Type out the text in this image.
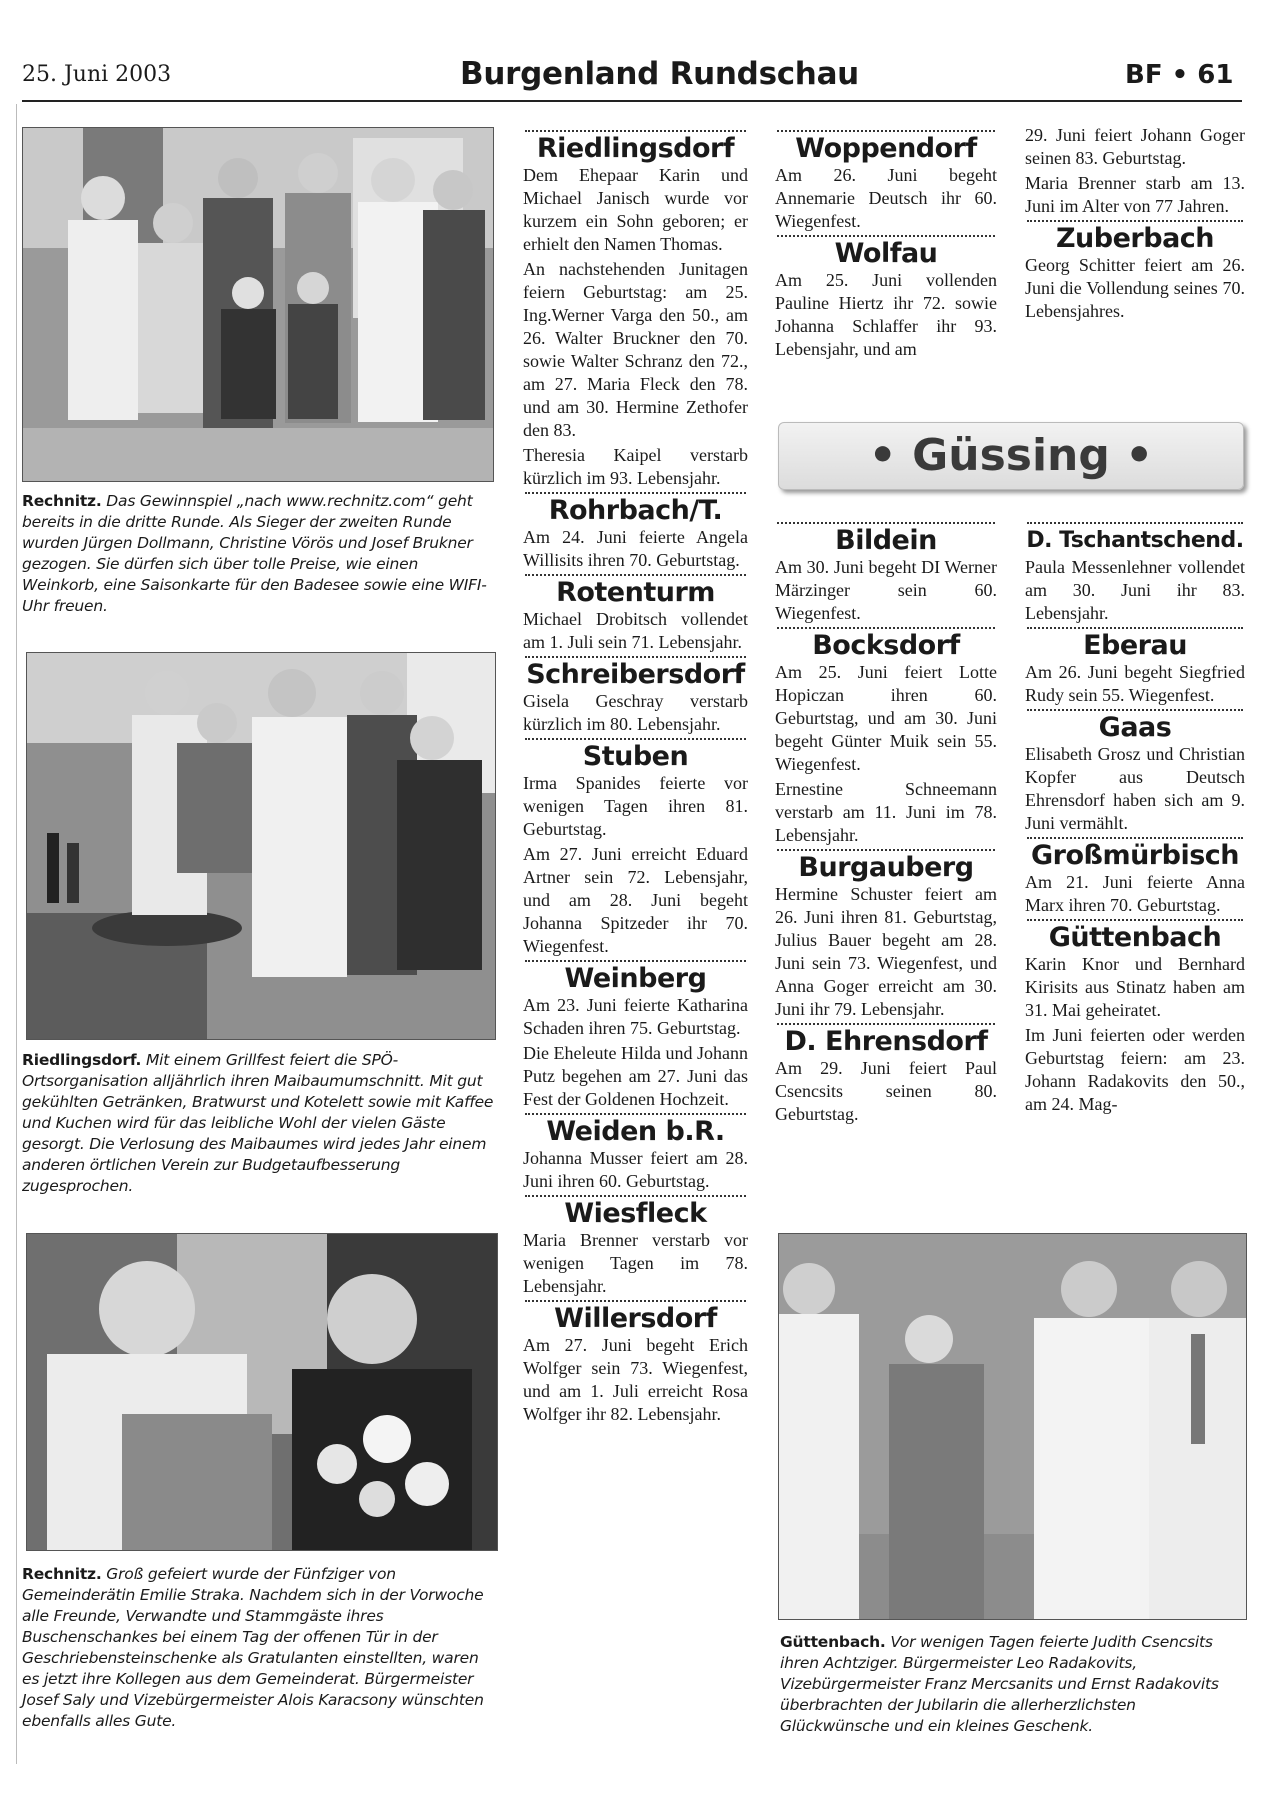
25. Juni 2003	Burgenland Rundschau	BF • 61
Rechnitz. Das Gewinnspiel „nach www.rechnitz.com“ geht bereits in die dritte Runde. Als Sieger der zweiten Runde wurden Jürgen Dollmann, Christine Vörös und Josef Brukner gezogen. Sie dürfen sich über tolle Preise, wie einen Weinkorb, eine Saisonkarte für den Badesee sowie eine WIFI-Uhr freuen.
Riedlingsdorf. Mit einem Grillfest feiert die SPÖ-Ortsorganisation alljährlich ihren Maibaumumschnitt. Mit gut gekühlten Getränken, Bratwurst und Kotelett sowie mit Kaffee und Kuchen wird für das leibliche Wohl der vielen Gäste gesorgt. Die Verlosung des Maibaumes wird jedes Jahr einem anderen örtlichen Verein zur Budgetaufbesserung zugesprochen.
Rechnitz. Groß gefeiert wurde der Fünfziger von Gemeinderätin Emilie Straka. Nachdem sich in der Vorwoche alle Freunde, Verwandte und Stammgäste ihres Buschenschankes bei einem Tag der offenen Tür in der Geschriebensteinschenke als Gratulanten einstellten, waren es jetzt ihre Kollegen aus dem Gemeinderat. Bürgermeister Josef Saly und Vizebürgermeister Alois Karacsony wünschten ebenfalls alles Gute.
Güttenbach. Vor wenigen Tagen feierte Judith Csencsits ihren Achtziger. Bürgermeister Leo Radakovits, Vizebürgermeister Franz Mercsanits und Ernst Radakovits überbrachten der Jubilarin die allerherzlichsten Glückwünsche und ein kleines Geschenk.
Riedlingsdorf

Dem Ehepaar Karin und Michael Janisch wurde vor kurzem ein Sohn geboren; er erhielt den Namen Thomas.

An nachstehenden Junitagen feiern Geburtstag: am 25. Ing.Werner Varga den 50., am 26. Walter Bruckner den 70. sowie Walter Schranz den 72., am 27. Maria Fleck den 78. und am 30. Hermine Zethofer den 83.

Theresia Kaipel verstarb kürzlich im 93. Lebensjahr.

Rohrbach/T.

Am 24. Juni feierte Angela Willisits ihren 70. Geburtstag.

Rotenturm

Michael Drobitsch vollendet am 1. Juli sein 71. Lebensjahr.

Schreibersdorf

Gisela Geschray verstarb kürzlich im 80. Lebensjahr.

Stuben

Irma Spanides feierte vor wenigen Tagen ihren 81. Geburtstag.

Am 27. Juni erreicht Eduard Artner sein 72. Lebensjahr, und am 28. Juni begeht Johanna Spitzeder ihr 70. Wiegenfest.

Weinberg

Am 23. Juni feierte Katharina Schaden ihren 75. Geburtstag.

Die Eheleute Hilda und Johann Putz begehen am 27. Juni das Fest der Goldenen Hochzeit.

Weiden b.R.

Johanna Musser feiert am 28. Juni ihren 60. Geburtstag.

Wiesfleck

Maria Brenner verstarb vor wenigen Tagen im 78. Lebensjahr.

Willersdorf

Am 27. Juni begeht Erich Wolfger sein 73. Wiegenfest, und am 1. Juli erreicht Rosa Wolfger ihr 82. Lebensjahr.

Woppendorf

Am 26. Juni begeht Annemarie Deutsch ihr 60. Wiegenfest.

Wolfau

Am 25. Juni vollenden Pauline Hiertz ihr 72. sowie Johanna Schlaffer ihr 93. Lebensjahr, und am

29. Juni feiert Johann Goger seinen 83. Geburtstag.

Maria Brenner starb am 13. Juni im Alter von 77 Jahren.

Zuberbach

Georg Schitter feiert am 26. Juni die Vollendung seines 70. Lebensjahres.

• Güssing •
Bildein

Am 30. Juni begeht DI Werner Märzinger sein 60. Wiegenfest.

Bocksdorf

Am 25. Juni feiert Lotte Hopiczan ihren 60. Geburtstag, und am 30. Juni begeht Günter Muik sein 55. Wiegenfest.

Ernestine Schneemann verstarb am 11. Juni im 78. Lebensjahr.

Burgauberg

Hermine Schuster feiert am 26. Juni ihren 81. Geburtstag, Julius Bauer begeht am 28. Juni sein 73. Wiegenfest, und Anna Goger erreicht am 30. Juni ihr 79. Lebensjahr.

D. Ehrensdorf

Am 29. Juni feiert Paul Csencsits seinen 80. Geburtstag.

D. Tschantschend.

Paula Messenlehner vollendet am 30. Juni ihr 83. Lebensjahr.

Eberau

Am 26. Juni begeht Siegfried Rudy sein 55. Wiegenfest.

Gaas

Elisabeth Grosz und Christian Kopfer aus Deutsch Ehrensdorf haben sich am 9. Juni vermählt.

Großmürbisch

Am 21. Juni feierte Anna Marx ihren 70. Geburtstag.

Güttenbach

Karin Knor und Bernhard Kirisits aus Stinatz haben am 31. Mai geheiratet.

Im Juni feierten oder werden Geburtstag feiern: am 23. Johann Radakovits den 50., am 24. Mag-
